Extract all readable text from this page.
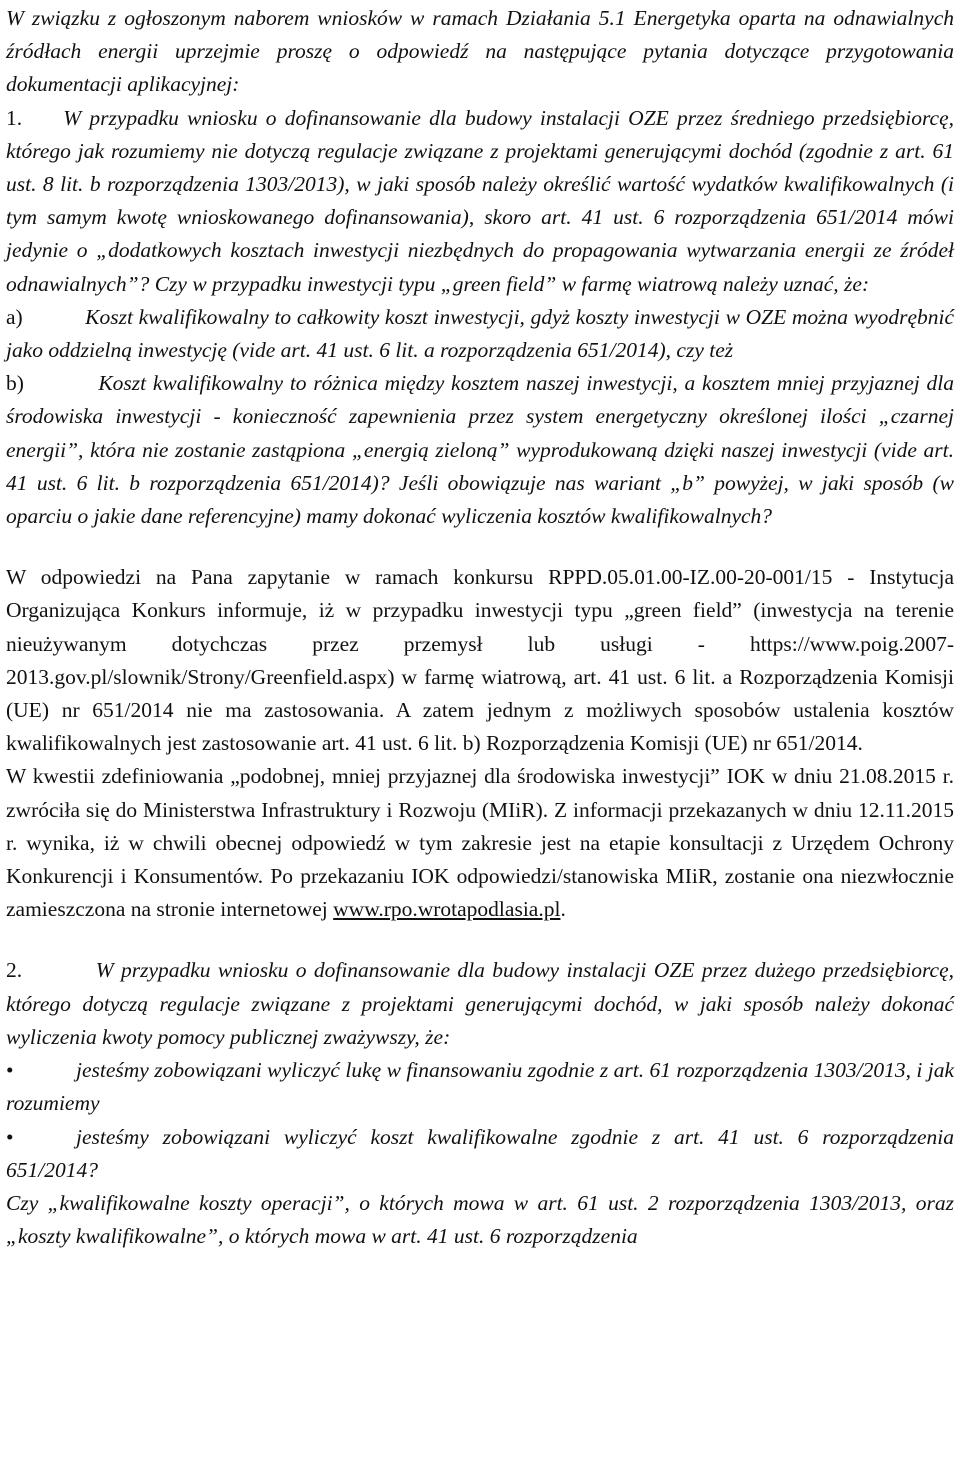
W związku z ogłoszonym naborem wniosków w ramach Działania 5.1 Energetyka oparta na odnawialnych źródłach energii uprzejmie proszę o odpowiedź na następujące pytania dotyczące przygotowania dokumentacji aplikacyjnej:

1. W przypadku wniosku o dofinansowanie dla budowy instalacji OZE przez średniego przedsiębiorcę, którego jak rozumiemy nie dotyczą regulacje związane z projektami generującymi dochód (zgodnie z art. 61 ust. 8 lit. b rozporządzenia 1303/2013), w jaki sposób należy określić wartość wydatków kwalifikowalnych (i tym samym kwotę wnioskowanego dofinansowania), skoro art. 41 ust. 6 rozporządzenia 651/2014 mówi jedynie o „dodatkowych kosztach inwestycji niezbędnych do propagowania wytwarzania energii ze źródeł odnawialnych”? Czy w przypadku inwestycji typu „green field” w farmę wiatrową należy uznać, że:

a)	Koszt kwalifikowalny to całkowity koszt inwestycji, gdyż koszty inwestycji w OZE można wyodrębnić jako oddzielną inwestycję (vide art. 41 ust. 6 lit. a rozporządzenia 651/2014), czy też

b)	Koszt kwalifikowalny to różnica między kosztem naszej inwestycji, a kosztem mniej przyjaznej dla środowiska inwestycji - konieczność zapewnienia przez system energetyczny określonej ilości „czarnej energii”, która nie zostanie zastąpiona „energią zieloną” wyprodukowaną dzięki naszej inwestycji (vide art. 41 ust. 6 lit. b rozporządzenia 651/2014)? Jeśli obowiązuje nas wariant „b” powyżej, w jaki sposób (w oparciu o jakie dane referencyjne) mamy dokonać wyliczenia kosztów kwalifikowalnych?

W odpowiedzi na Pana zapytanie w ramach konkursu RPPD.05.01.00-IZ.00-20-001/15 - Instytucja Organizująca Konkurs informuje, iż w przypadku inwestycji typu „green field” (inwestycja na terenie nieużywanym dotychczas przez przemysł lub usługi - https://www.poig.2007-2013.gov.pl/slownik/Strony/Greenfield.aspx) w farmę wiatrową, art. 41 ust. 6 lit. a Rozporządzenia Komisji (UE) nr 651/2014 nie ma zastosowania. A zatem jednym z możliwych sposobów ustalenia kosztów kwalifikowalnych jest zastosowanie art. 41 ust. 6 lit. b) Rozporządzenia Komisji (UE) nr 651/2014.

W kwestii zdefiniowania „podobnej, mniej przyjaznej dla środowiska inwestycji” IOK w dniu 21.08.2015 r. zwróciła się do Ministerstwa Infrastruktury i Rozwoju (MIiR). Z informacji przekazanych w dniu 12.11.2015 r. wynika, iż w chwili obecnej odpowiedź w tym zakresie jest na etapie konsultacji z Urzędem Ochrony Konkurencji i Konsumentów. Po przekazaniu IOK odpowiedzi/stanowiska MIiR, zostanie ona niezwłocznie zamieszczona na stronie internetowej www.rpo.wrotapodlasia.pl.

2.	W przypadku wniosku o dofinansowanie dla budowy instalacji OZE przez dużego przedsiębiorcę, którego dotyczą regulacje związane z projektami generującymi dochód, w jaki sposób należy dokonać wyliczenia kwoty pomocy publicznej zważywszy, że:

•	jesteśmy zobowiązani wyliczyć lukę w finansowaniu zgodnie z art. 61 rozporządzenia 1303/2013, i jak rozumiemy

•	jesteśmy zobowiązani wyliczyć koszt kwalifikowalne zgodnie z art. 41 ust. 6 rozporządzenia 651/2014?

Czy „kwalifikowalne koszty operacji”, o których mowa w art. 61 ust. 2 rozporządzenia 1303/2013, oraz „koszty kwalifikowalne”, o których mowa w art. 41 ust. 6 rozporządzenia
